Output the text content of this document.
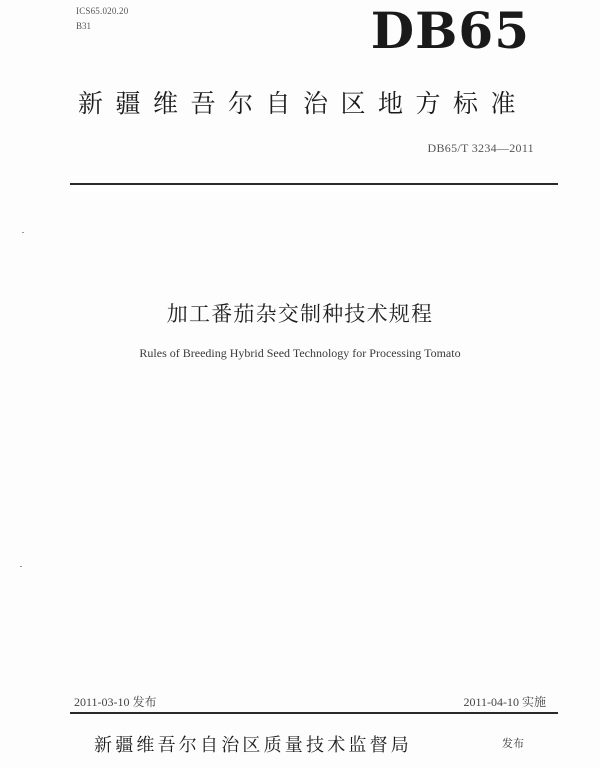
ICS65.020.20
B31	DB65
新疆维吾尔自治区地方标准
DB65/T 3234—2011
加工番茄杂交制种技术规程
Rules of Breeding Hybrid Seed Technology for Processing Tomato
2011-03-10 发布	2011-04-10 实施
新疆维吾尔自治区质量技术监督局	发布
